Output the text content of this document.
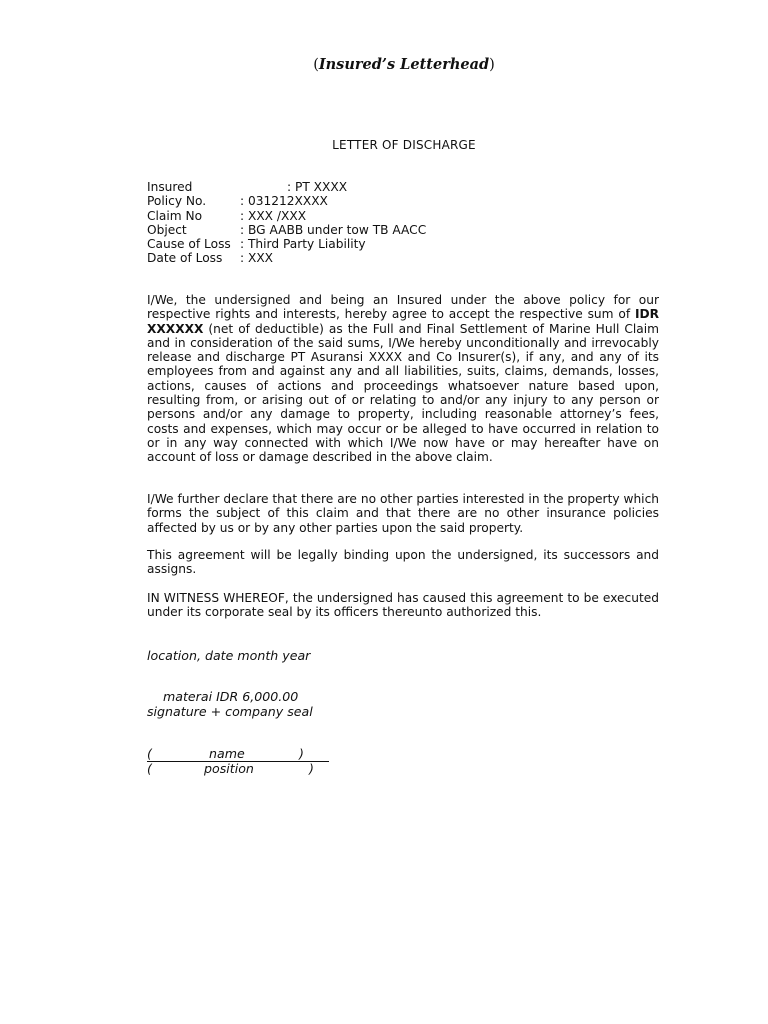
(Insured’s Letterhead)
LETTER OF DISCHARGE
Insured	: PT XXXX
Policy No.	: 031212XXXX
Claim No	: XXX /XXX
Object	: BG AABB under tow TB AACC
Cause of Loss : Third Party Liability
Date of Loss : XXX
I/We, the undersigned and being an Insured under the above policy for our respective rights and interests, hereby agree to accept the respective sum of IDR XXXXXX (net of deductible) as the Full and Final Settlement of Marine Hull Claim and in consideration of the said sums, I/We hereby unconditionally and irrevocably release and discharge PT Asuransi XXXX and Co Insurer(s), if any, and any of its employees from and against any and all liabilities, suits, claims, demands, losses, actions, causes of actions and proceedings whatsoever nature based upon, resulting from, or arising out of or relating to and/or any injury to any person or persons and/or any damage to property, including reasonable attorney’s fees, costs and expenses, which may occur or be alleged to have occurred in relation to or in any way connected with which I/We now have or may hereafter have on account of loss or damage described in the above claim.
I/We further declare that there are no other parties interested in the property which forms the subject of this claim and that there are no other insurance policies affected by us or by any other parties upon the said property.
This agreement will be legally binding upon the undersigned, its successors and assigns.
IN WITNESS WHEREOF, the undersigned has caused this agreement to be executed under its corporate seal by its officers thereunto authorized this.
location, date month year
materai IDR 6,000.00
signature + company seal
(	name	)
(	position	)
